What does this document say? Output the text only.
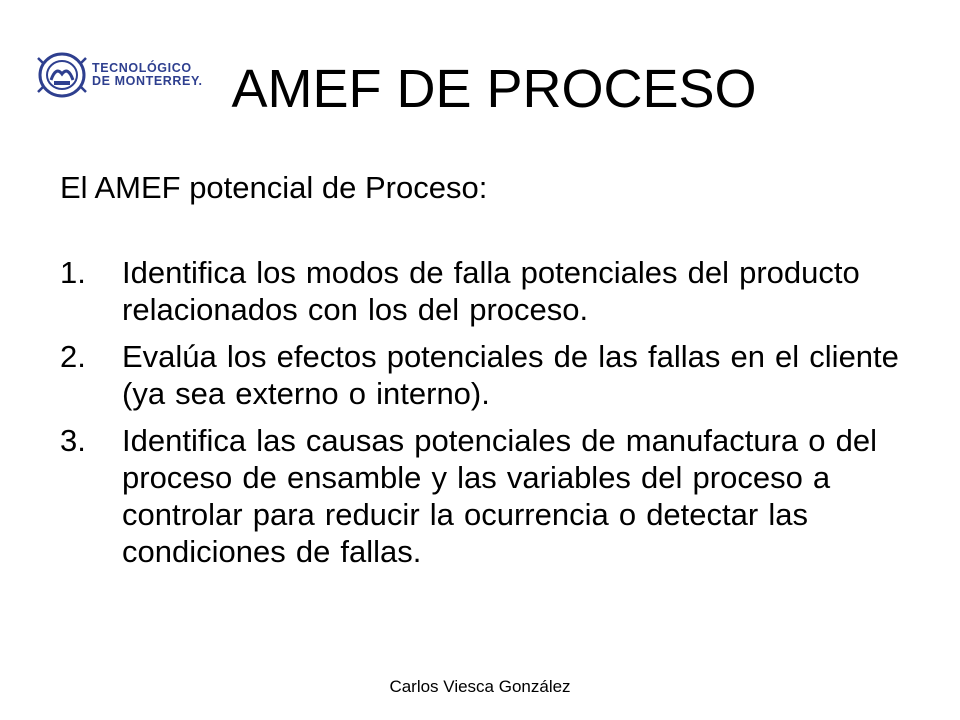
TECNOLÓGICO
DE MONTERREY. AMEF DE PROCESO

El AMEF potencial de Proceso:

1. Identifica los modos de falla potenciales del producto relacionados con los del proceso.
2. Evalúa los efectos potenciales de las fallas en el cliente (ya sea externo o interno).
3. Identifica las causas potenciales de manufactura o del proceso de ensamble y las variables del proceso a controlar para reducir la ocurrencia o detectar las condiciones de fallas.
Carlos Viesca González
